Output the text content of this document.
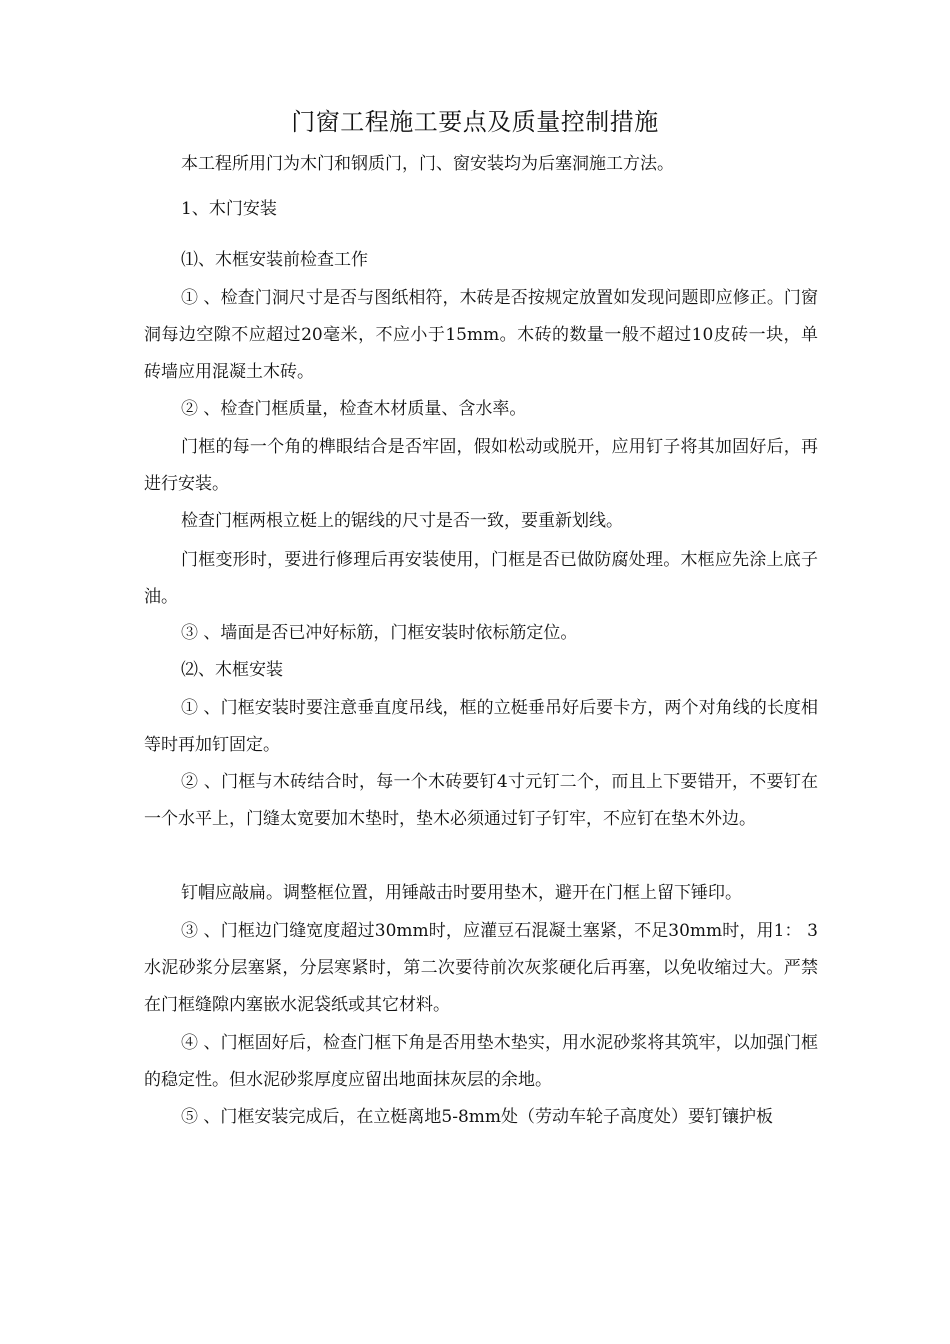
门窗工程施工要点及质量控制措施

本工程所用门为木门和钢质门，门、窗安装均为后塞洞施工方法。

1、木门安装

⑴、木框安装前检查工作

① 、检查门洞尺寸是否与图纸相符，木砖是否按规定放置如发现问题即应修正。门窗洞每边空隙不应超过20毫米，不应小于15mm。木砖的数量一般不超过10皮砖一块，单砖墙应用混凝土木砖。

② 、检查门框质量，检查木材质量、含水率。

门框的每一个角的榫眼结合是否牢固，假如松动或脱开，应用钉子将其加固好后，再进行安装。

检查门框两根立梃上的锯线的尺寸是否一致，要重新划线。

门框变形时，要进行修理后再安装使用，门框是否已做防腐处理。木框应先涂上底子油。

③ 、墙面是否已冲好标筋，门框安装时依标筋定位。

⑵、木框安装

① 、门框安装时要注意垂直度吊线，框的立梃垂吊好后要卡方，两个对角线的长度相等时再加钉固定。

② 、门框与木砖结合时，每一个木砖要钉4寸元钉二个，而且上下要错开，不要钉在一个水平上，门缝太宽要加木垫时，垫木必须通过钉子钉牢，不应钉在垫木外边。

钉帽应敲扁。调整框位置，用锤敲击时要用垫木，避开在门框上留下锤印。

③ 、门框边门缝宽度超过30mm时，应灌豆石混凝土塞紧，不足30mm时，用1： 3水泥砂浆分层塞紧，分层寒紧时，第二次要待前次灰浆硬化后再塞，以免收缩过大。严禁在门框缝隙内塞嵌水泥袋纸或其它材料。

④ 、门框固好后，检查门框下角是否用垫木垫实，用水泥砂浆将其筑牢，以加强门框的稳定性。但水泥砂浆厚度应留出地面抹灰层的余地。

⑤ 、门框安装完成后，在立梃离地5-8mm处（劳动车轮子高度处）要钉镶护板
